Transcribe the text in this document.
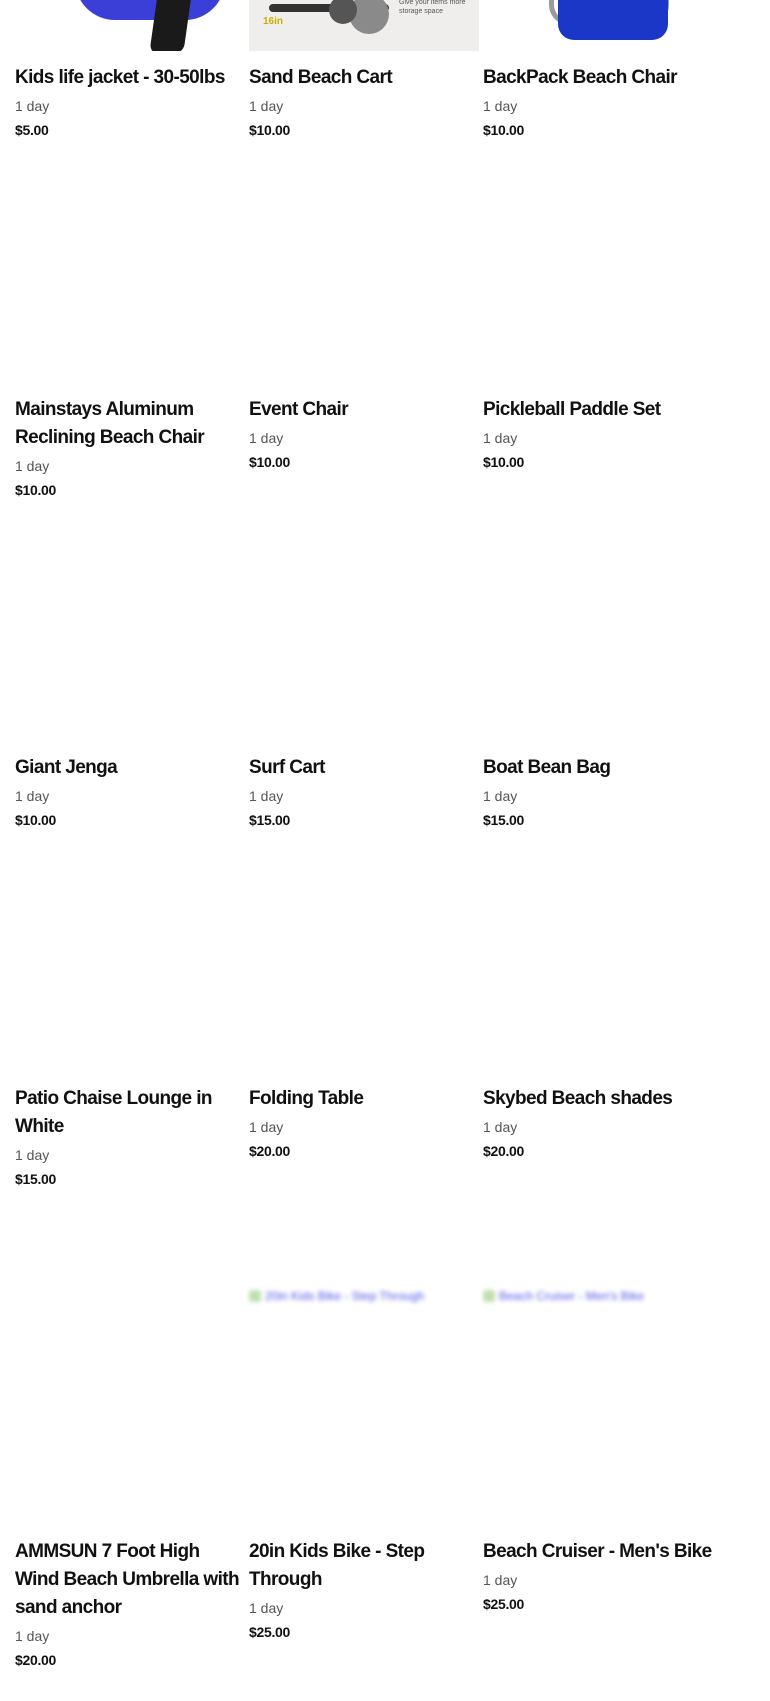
Kids life jacket - 30-50lbs
1 day
$5.00
16in
Give your items more storage space
Sand Beach Cart
1 day
$10.00
BackPack Beach Chair
1 day
$10.00
Mainstays Aluminum Reclining Beach Chair
1 day
$10.00
Event Chair
1 day
$10.00
Pickleball Paddle Set
1 day
$10.00
Giant Jenga
1 day
$10.00
Surf Cart
1 day
$15.00
Boat Bean Bag
1 day
$15.00
Patio Chaise Lounge in White
1 day
$15.00
Folding Table
1 day
$20.00
Skybed Beach shades
1 day
$20.00
20in Kids Bike - Step Through	Beach Cruiser - Men's Bike
AMMSUN 7 Foot High Wind Beach Umbrella with sand anchor
1 day
$20.00
20in Kids Bike - Step Through
1 day
$25.00
Beach Cruiser - Men's Bike
1 day
$25.00
